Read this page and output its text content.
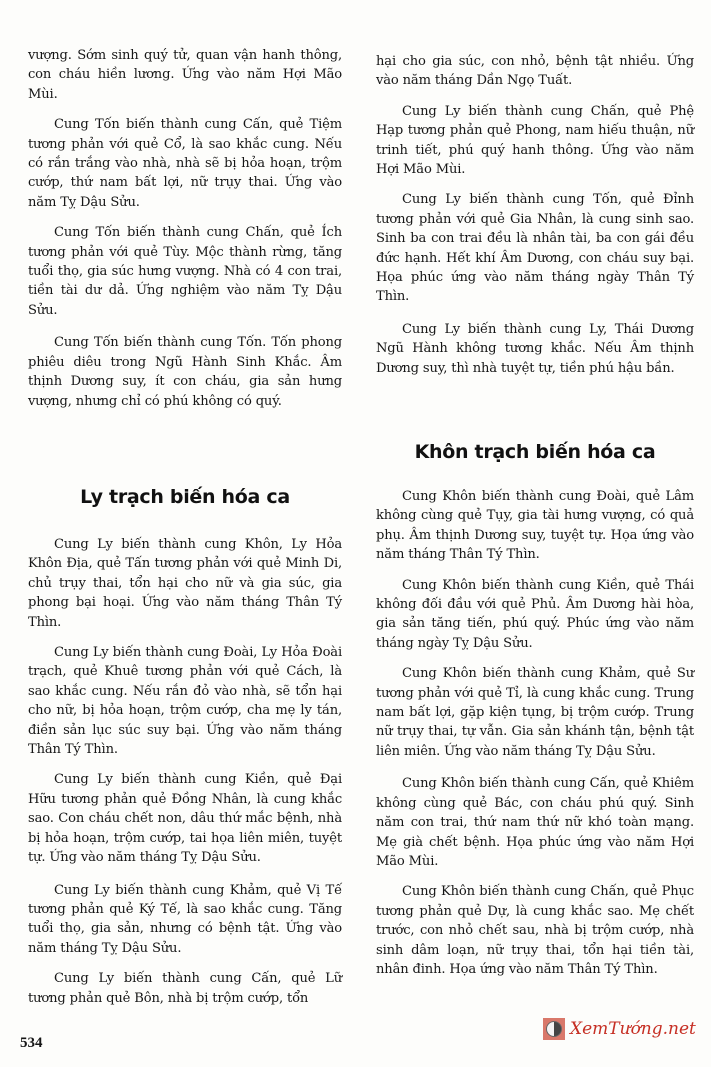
vượng. Sớm sinh quý tử, quan vận hanh thông, con cháu hiền lương. Ứng vào năm Hợi Mão Mùi.

Cung Tốn biến thành cung Cấn, quẻ Tiệm tương phản với quẻ Cổ, là sao khắc cung. Nếu có rắn trắng vào nhà, nhà sẽ bị hỏa hoạn, trộm cướp, thứ nam bất lợi, nữ trụy thai. Ứng vào năm Tỵ Dậu Sửu.

Cung Tốn biến thành cung Chấn, quẻ Ích tương phản với quẻ Tùy. Mộc thành rừng, tăng tuổi thọ, gia súc hưng vượng. Nhà có 4 con trai, tiền tài dư dả. Ứng nghiệm vào năm Tỵ Dậu Sửu.

Cung Tốn biến thành cung Tốn. Tốn phong phiêu diêu trong Ngũ Hành Sinh Khắc. Âm thịnh Dương suy, ít con cháu, gia sản hưng vượng, nhưng chỉ có phú không có quý.

Ly trạch biến hóa ca

Cung Ly biến thành cung Khôn, Ly Hỏa Khôn Địa, quẻ Tấn tương phản với quẻ Minh Di, chủ trụy thai, tổn hại cho nữ và gia súc, gia phong bại hoại. Ứng vào năm tháng Thân Tý Thìn.

Cung Ly biến thành cung Đoài, Ly Hỏa Đoài trạch, quẻ Khuê tương phản với quẻ Cách, là sao khắc cung. Nếu rắn đỏ vào nhà, sẽ tổn hại cho nữ, bị hỏa hoạn, trộm cướp, cha mẹ ly tán, điền sản lục súc suy bại. Ứng vào năm tháng Thân Tý Thìn.

Cung Ly biến thành cung Kiền, quẻ Đại Hữu tương phản quẻ Đồng Nhân, là cung khắc sao. Con cháu chết non, dâu thứ mắc bệnh, nhà bị hỏa hoạn, trộm cướp, tai họa liên miên, tuyệt tự. Ứng vào năm tháng Tỵ Dậu Sửu.

Cung Ly biến thành cung Khảm, quẻ Vị Tế tương phản quẻ Ký Tế, là sao khắc cung. Tăng tuổi thọ, gia sản, nhưng có bệnh tật. Ứng vào năm tháng Tỵ Dậu Sửu.

Cung Ly biến thành cung Cấn, quẻ Lữ tương phản quẻ Bôn, nhà bị trộm cướp, tổn

hại cho gia súc, con nhỏ, bệnh tật nhiều. Ứng vào năm tháng Dần Ngọ Tuất.

Cung Ly biến thành cung Chấn, quẻ Phệ Hạp tương phản quẻ Phong, nam hiếu thuận, nữ trinh tiết, phú quý hanh thông. Ứng vào năm Hợi Mão Mùi.

Cung Ly biến thành cung Tốn, quẻ Đỉnh tương phản với quẻ Gia Nhân, là cung sinh sao. Sinh ba con trai đều là nhân tài, ba con gái đều đức hạnh. Hết khí Âm Dương, con cháu suy bại. Họa phúc ứng vào năm tháng ngày Thân Tý Thìn.

Cung Ly biến thành cung Ly, Thái Dương Ngũ Hành không tương khắc. Nếu Âm thịnh Dương suy, thì nhà tuyệt tự, tiền phú hậu bần.

Khôn trạch biến hóa ca

Cung Khôn biến thành cung Đoài, quẻ Lâm không cùng quẻ Tụy, gia tài hưng vượng, có quả phụ. Âm thịnh Dương suy, tuyệt tự. Họa ứng vào năm tháng Thân Tý Thìn.

Cung Khôn biến thành cung Kiền, quẻ Thái không đối đầu với quẻ Phủ. Âm Dương hài hòa, gia sản tăng tiến, phú quý. Phúc ứng vào năm tháng ngày Tỵ Dậu Sửu.

Cung Khôn biến thành cung Khảm, quẻ Sư tương phản với quẻ Tỉ, là cung khắc cung. Trung nam bất lợi, gặp kiện tụng, bị trộm cướp. Trung nữ trụy thai, tự vẫn. Gia sản khánh tận, bệnh tật liên miên. Ứng vào năm tháng Tỵ Dậu Sửu.

Cung Khôn biến thành cung Cấn, quẻ Khiêm không cùng quẻ Bác, con cháu phú quý. Sinh năm con trai, thứ nam thứ nữ khó toàn mạng. Mẹ già chết bệnh. Họa phúc ứng vào năm Hợi Mão Mùi.

Cung Khôn biến thành cung Chấn, quẻ Phục tương phản quẻ Dự, là cung khắc sao. Mẹ chết trước, con nhỏ chết sau, nhà bị trộm cướp, nhà sinh dâm loạn, nữ trụy thai, tổn hại tiền tài, nhân đinh. Họa ứng vào năm Thân Tý Thìn.

534
XemTướng.net
